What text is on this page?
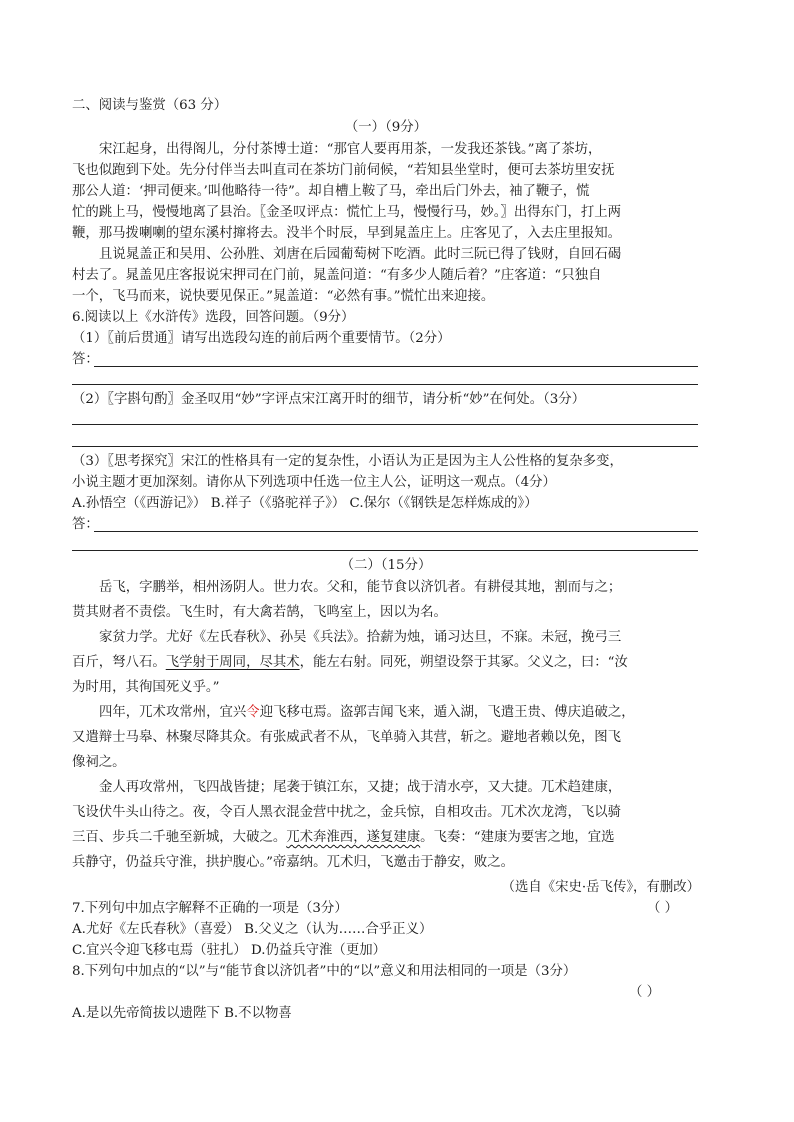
二、阅读与鉴赏（63 分）

（一）（9分）

宋江起身，出得阁儿，分付茶博士道：“那官人要再用茶，一发我还茶钱。”离了茶坊，

飞也似跑到下处。先分付伴当去叫直司在茶坊门前伺候，“若知县坐堂时，便可去茶坊里安抚

那公人道：‘押司便来。’叫他略待一待”。却自槽上鞍了马，牵出后门外去，袖了鞭子，慌

忙的跳上马，慢慢地离了县治。〖金圣叹评点：慌忙上马，慢慢行马，妙。〗出得东门，打上两

鞭，那马拨喇喇的望东溪村撺将去。没半个时辰，早到晁盖庄上。庄客见了，入去庄里报知。

且说晁盖正和吴用、公孙胜、刘唐在后园葡萄树下吃酒。此时三阮已得了钱财，自回石碣

村去了。晁盖见庄客报说宋押司在门前，晁盖问道：“有多少人随后着？”庄客道：“只独自

一个，飞马而来，说快要见保正。”晁盖道：“必然有事。”慌忙出来迎接。

6.阅读以上《水浒传》选段，回答问题。（9分）

（1）〖前后贯通〗请写出选段勾连的前后两个重要情节。（2分）

答：

（2）〖字斟句酌〗金圣叹用“妙”字评点宋江离开时的细节，请分析“妙”在何处。（3分）

（3）〖思考探究〗宋江的性格具有一定的复杂性，小语认为正是因为主人公性格的复杂多变，

小说主题才更加深刻。请你从下列选项中任选一位主人公，证明这一观点。（4分）

A.孙悟空（《西游记》） B.祥子（《骆驼祥子》） C.保尔（《钢铁是怎样炼成的》）

答：

（二）（15分）

岳飞，字鹏举，相州汤阴人。世力农。父和，能节食以济饥者。有耕侵其地，割而与之；

贳其财者不责偿。飞生时，有大禽若鹄，飞鸣室上，因以为名。

家贫力学。尤好《左氏春秋》、孙吴《兵法》。拾薪为烛，诵习达旦，不寐。未冠，挽弓三

百斤，弩八石。飞学射于周同，尽其术，能左右射。同死，朔望设祭于其冢。父义之，曰：“汝

为时用，其徇国死义乎。”

四年，兀术攻常州，宜兴令迎飞移屯焉。盗郭吉闻飞来，遁入湖，飞遣王贵、傅庆追破之，

又遣辩士马皋、林聚尽降其众。有张威武者不从，飞单骑入其营，斩之。避地者赖以免，图飞

像祠之。

金人再攻常州，飞四战皆捷；尾袭于镇江东，又捷；战于清水亭，又大捷。兀术趋建康，

飞设伏牛头山待之。夜，令百人黑衣混金营中扰之，金兵惊，自相攻击。兀术次龙湾，飞以骑

三百、步兵二千驰至新城，大破之。兀术奔淮西，遂复建康。飞奏：“建康为要害之地，宜选

兵静守，仍益兵守淮，拱护腹心。”帝嘉纳。兀术归，飞邀击于静安，败之。

（选自《宋史·岳飞传》，有删改）

7.下列句中加点字解释不正确的一项是（3分）	（ ）

A.尤好《左氏春秋》（喜爱） B.父义之（认为……合乎正义）

C.宜兴令迎飞移屯焉（驻扎） D.仍益兵守淮（更加）

8.下列句中加点的“以”与“能节食以济饥者”中的“以”意义和用法相同的一项是（3分）

（ ）

A.是以先帝简拔以遗陛下 B.不以物喜
